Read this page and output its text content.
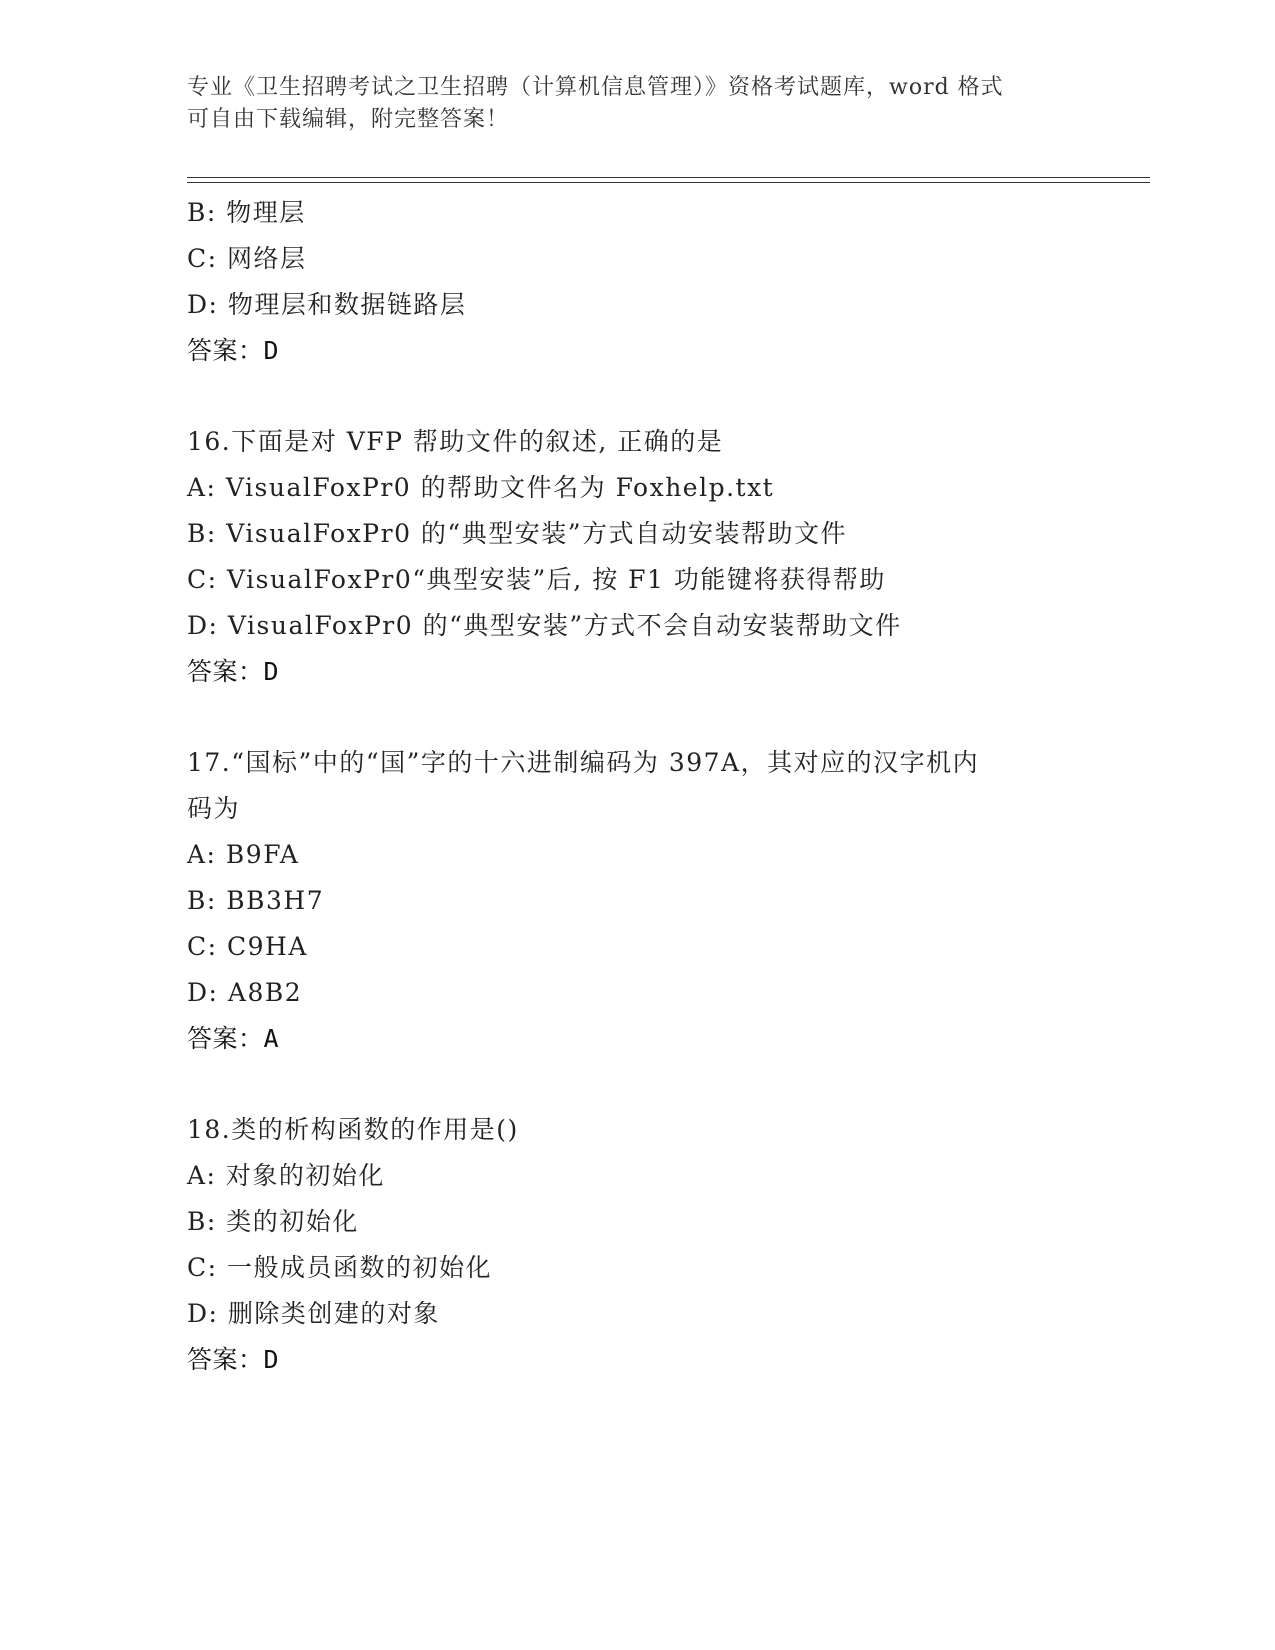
专业《卫生招聘考试之卫生招聘（计算机信息管理）》资格考试题库，word 格式
可自由下载编辑，附完整答案！
B: 物理层
C: 网络层
D: 物理层和数据链路层
答案：D
16.下面是对 VFP 帮助文件的叙述, 正确的是
A: VisualFoxPr0 的帮助文件名为 Foxhelp.txt
B: VisualFoxPr0 的“典型安装”方式自动安装帮助文件
C: VisualFoxPr0“典型安装”后, 按 F1 功能键将获得帮助
D: VisualFoxPr0 的“典型安装”方式不会自动安装帮助文件
答案：D
17.“国标”中的“国”字的十六进制编码为 397A，其对应的汉字机内
码为
A: B9FA
B: BB3H7
C: C9HA
D: A8B2
答案：A
18.类的析构函数的作用是()
A: 对象的初始化
B: 类的初始化
C: 一般成员函数的初始化
D: 删除类创建的对象
答案：D
